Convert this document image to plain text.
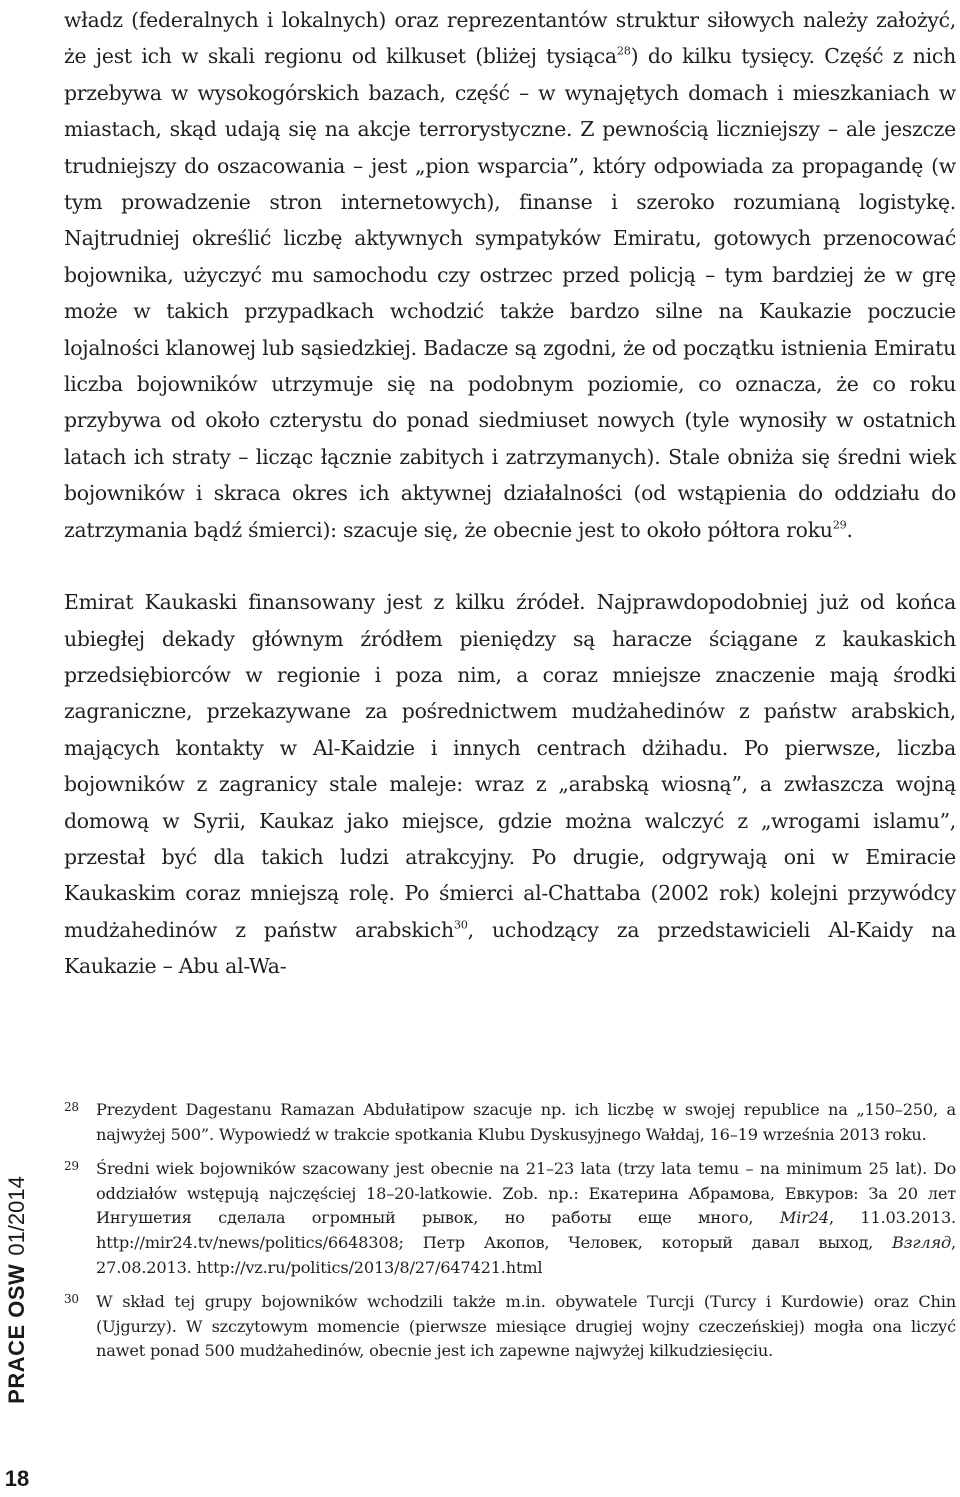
władz (federalnych i lokalnych) oraz reprezentantów struktur siłowych należy założyć, że jest ich w skali regionu od kilkuset (bliżej tysiąca$^{28}$) do kilku tysięcy. Część z nich przebywa w wysokogórskich bazach, część – w wynajętych domach i mieszkaniach w miastach, skąd udają się na akcje terrorystyczne. Z pewnością liczniejszy – ale jeszcze trudniejszy do oszacowania – jest „pion wsparcia”, który odpowiada za propagandę (w tym prowadzenie stron internetowych), finanse i szeroko rozumianą logistykę. Najtrudniej określić liczbę aktywnych sympatyków Emiratu, gotowych przenocować bojownika, użyczyć mu samochodu czy ostrzec przed policją – tym bardziej że w grę może w takich przypadkach wchodzić także bardzo silne na Kaukazie poczucie lojalności klanowej lub sąsiedzkiej. Badacze są zgodni, że od początku istnienia Emiratu liczba bojowników utrzymuje się na podobnym poziomie, co oznacza, że co roku przybywa od około czterystu do ponad siedmiuset nowych (tyle wynosiły w ostatnich latach ich straty – licząc łącznie zabitych i zatrzymanych). Stale obniża się średni wiek bojowników i skraca okres ich aktywnej działalności (od wstąpienia do oddziału do zatrzymania bądź śmierci): szacuje się, że obecnie jest to około półtora roku$^{29}$.

Emirat Kaukaski finansowany jest z kilku źródeł. Najprawdopodobniej już od końca ubiegłej dekady głównym źródłem pieniędzy są haracze ściągane z kaukaskich przedsiębiorców w regionie i poza nim, a coraz mniejsze znaczenie mają środki zagraniczne, przekazywane za pośrednictwem mudżahedinów z państw arabskich, mających kontakty w Al-Kaidzie i innych centrach dżihadu. Po pierwsze, liczba bojowników z zagranicy stale maleje: wraz z „arabską wiosną”, a zwłaszcza wojną domową w Syrii, Kaukaz jako miejsce, gdzie można walczyć z „wrogami islamu”, przestał być dla takich ludzi atrakcyjny. Po drugie, odgrywają oni w Emiracie Kaukaskim coraz mniejszą rolę. Po śmierci al-Chattaba (2002 rok) kolejni przywódcy mudżahedinów z państw arabskich$^{30}$, uchodzący za przedstawicieli Al-Kaidy na Kaukazie – Abu al-Wa-

28 Prezydent Dagestanu Ramazan Abdułatipow szacuje np. ich liczbę w swojej republice na „150–250, a najwyżej 500”. Wypowiedź w trakcie spotkania Klubu Dyskusyjnego Wałdaj, 16–19 września 2013 roku.
29 Średni wiek bojowników szacowany jest obecnie na 21–23 lata (trzy lata temu – na minimum 25 lat). Do oddziałów wstępują najczęściej 18–20-latkowie. Zob. np.: Екатерина Абрамова, Евкуров: За 20 лет Ингушетия сделала огромный рывок, но работы еще много, Mir24, 11.03.2013. http://mir24.tv/news/politics/6648308; Петр Акопов, Человек, который давал выход, Взгляд, 27.08.2013. http://vz.ru/politics/2013/8/27/647421.html
30 W skład tej grupy bojowników wchodzili także m.in. obywatele Turcji (Turcy i Kurdowie) oraz Chin (Ujgurzy). W szczytowym momencie (pierwsze miesiące drugiej wojny czeczeńskiej) mogła ona liczyć nawet ponad 500 mudżahedinów, obecnie jest ich zapewne najwyżej kilkudziesięciu.
PRACE OSW01/2014
18
